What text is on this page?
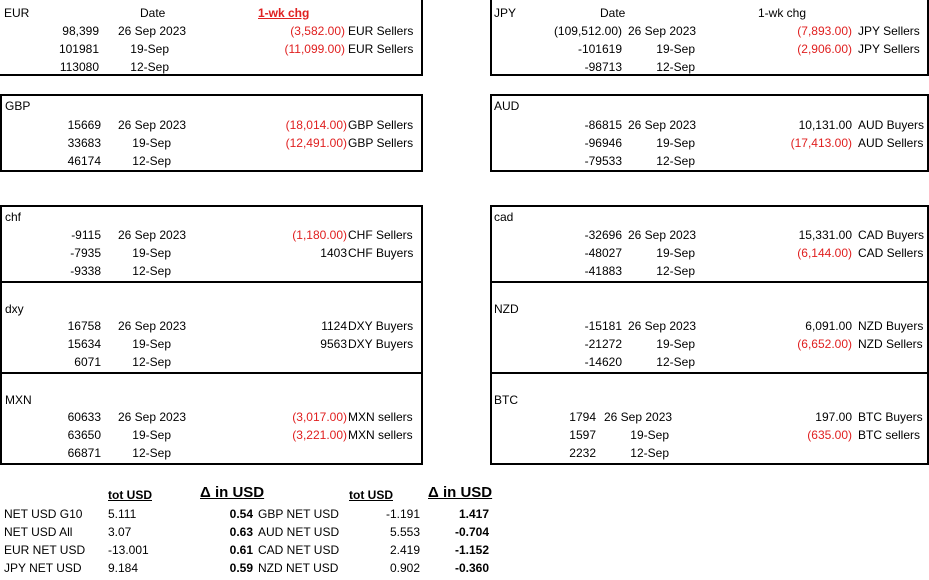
EUR	Date	1-wk chg
98,399 26 Sep 2023	(3,582.00) EUR Sellers
101981	19-Sep	(11,099.00) EUR Sellers
113080	12-Sep
GBP
15669 26 Sep 2023	(18,014.00) GBP Sellers
33683	19-Sep	(12,491.00) GBP Sellers
46174	12-Sep
chf
-9115 26 Sep 2023	(1,180.00) CHF Sellers
-7935	19-Sep	1403 CHF Buyers
-9338	12-Sep
dxy
16758 26 Sep 2023	1124 DXY Buyers
15634	19-Sep	9563 DXY Buyers
6071	12-Sep
MXN
60633 26 Sep 2023	(3,017.00) MXN sellers
63650	19-Sep	(3,221.00) MXN sellers
66871	12-Sep
JPY	Date	1-wk chg
(109,512.00) 26 Sep 2023	(7,893.00) JPY Sellers
-101619	19-Sep	(2,906.00) JPY Sellers
-98713	12-Sep
AUD
-86815 26 Sep 2023	10,131.00 AUD Buyers
-96946	19-Sep	(17,413.00) AUD Sellers
-79533	12-Sep
cad
-32696 26 Sep 2023	15,331.00 CAD Buyers
-48027	19-Sep	(6,144.00) CAD Sellers
-41883	12-Sep
NZD
-15181 26 Sep 2023	6,091.00 NZD Buyers
-21272	19-Sep	(6,652.00) NZD Sellers
-14620	12-Sep
BTC
1794 26 Sep 2023	197.00 BTC Buyers
1597	19-Sep	(635.00) BTC sellers
2232	12-Sep
tot USD	Δ in USD	tot USD Δ in USD
NET USD G10 5.111	0.54 GBP NET USD	-1.191	1.417
NET USD All	3.07	0.63 AUD NET USD	5.553	-0.704
EUR NET USD -13.001	0.61 CAD NET USD	2.419	-1.152
JPY NET USD 9.184	0.59 NZD NET USD	0.902	-0.360
